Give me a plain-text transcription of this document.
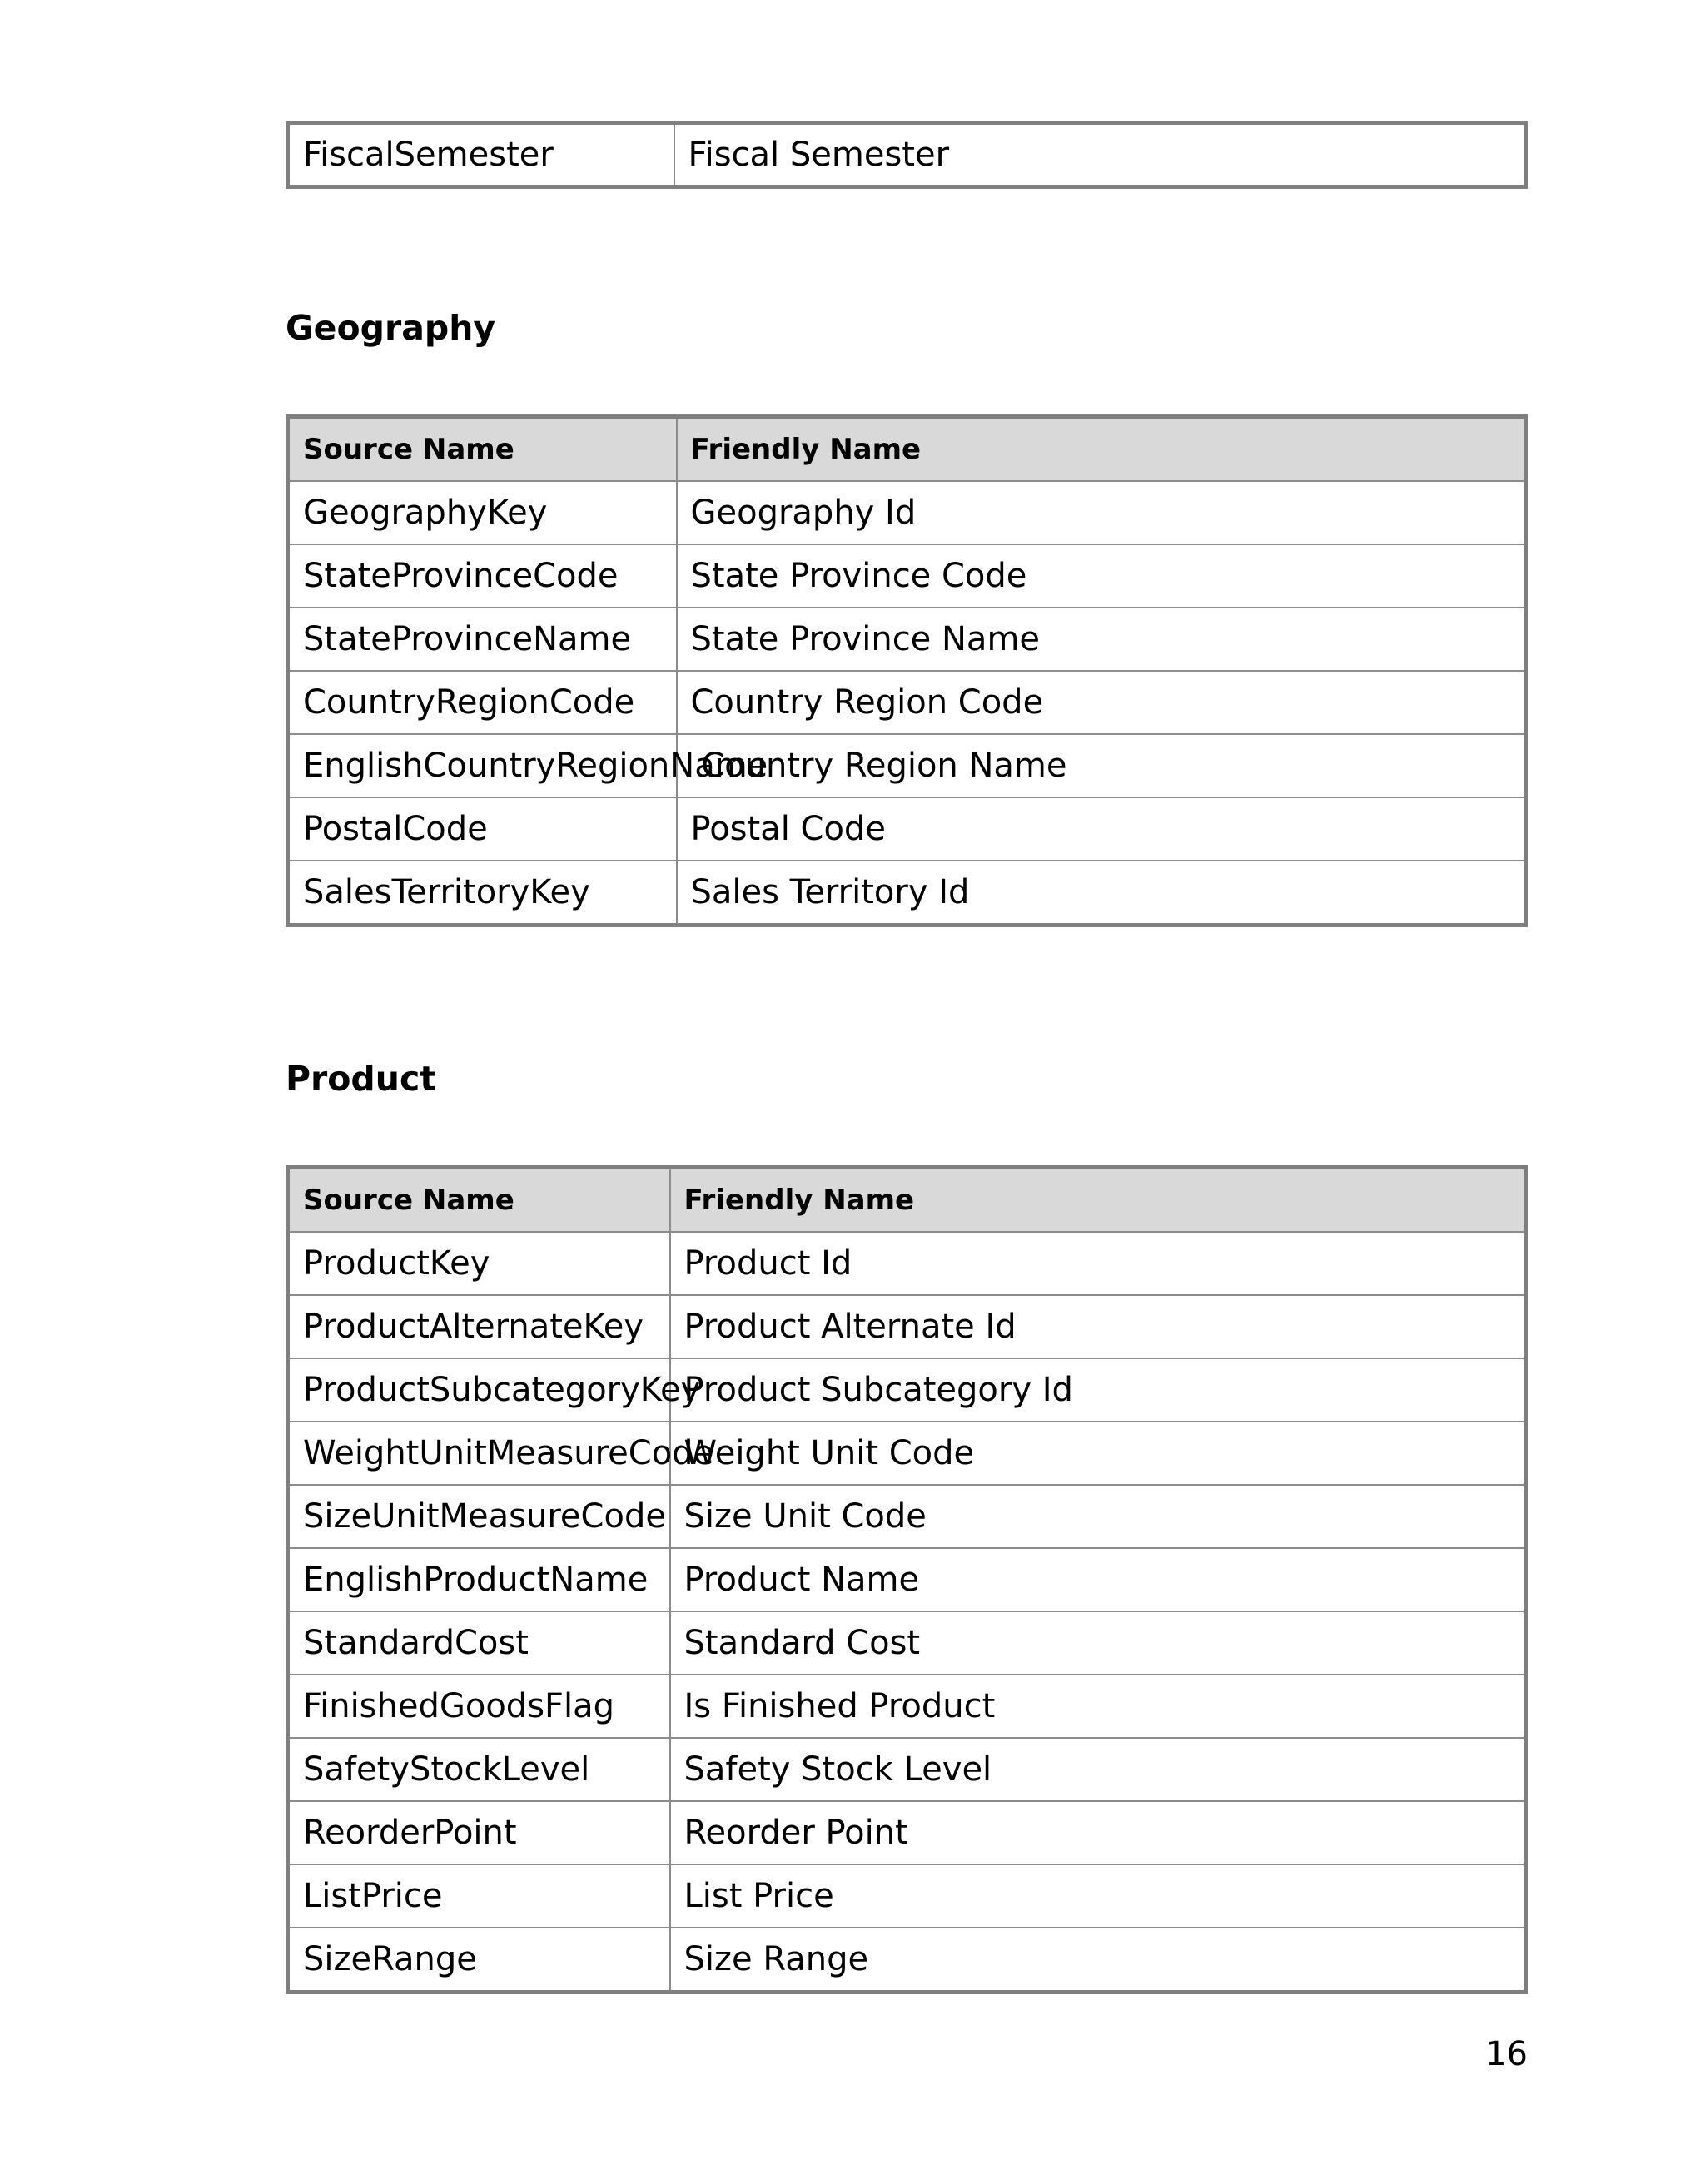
FiscalSemester	Fiscal Semester
Geography
Source Name	Friendly Name
GeographyKey	Geography Id
StateProvinceCode	State Province Code
StateProvinceName	State Province Name
CountryRegionCode	Country Region Code
EnglishCountryRegionName	Country Region Name
PostalCode	Postal Code
SalesTerritoryKey	Sales Territory Id
Product
Source Name	Friendly Name
ProductKey	Product Id
ProductAlternateKey	Product Alternate Id
ProductSubcategoryKey	Product Subcategory Id
WeightUnitMeasureCode	Weight Unit Code
SizeUnitMeasureCode	Size Unit Code
EnglishProductName	Product Name
StandardCost	Standard Cost
FinishedGoodsFlag	Is Finished Product
SafetyStockLevel	Safety Stock Level
ReorderPoint	Reorder Point
ListPrice	List Price
SizeRange	Size Range
16
